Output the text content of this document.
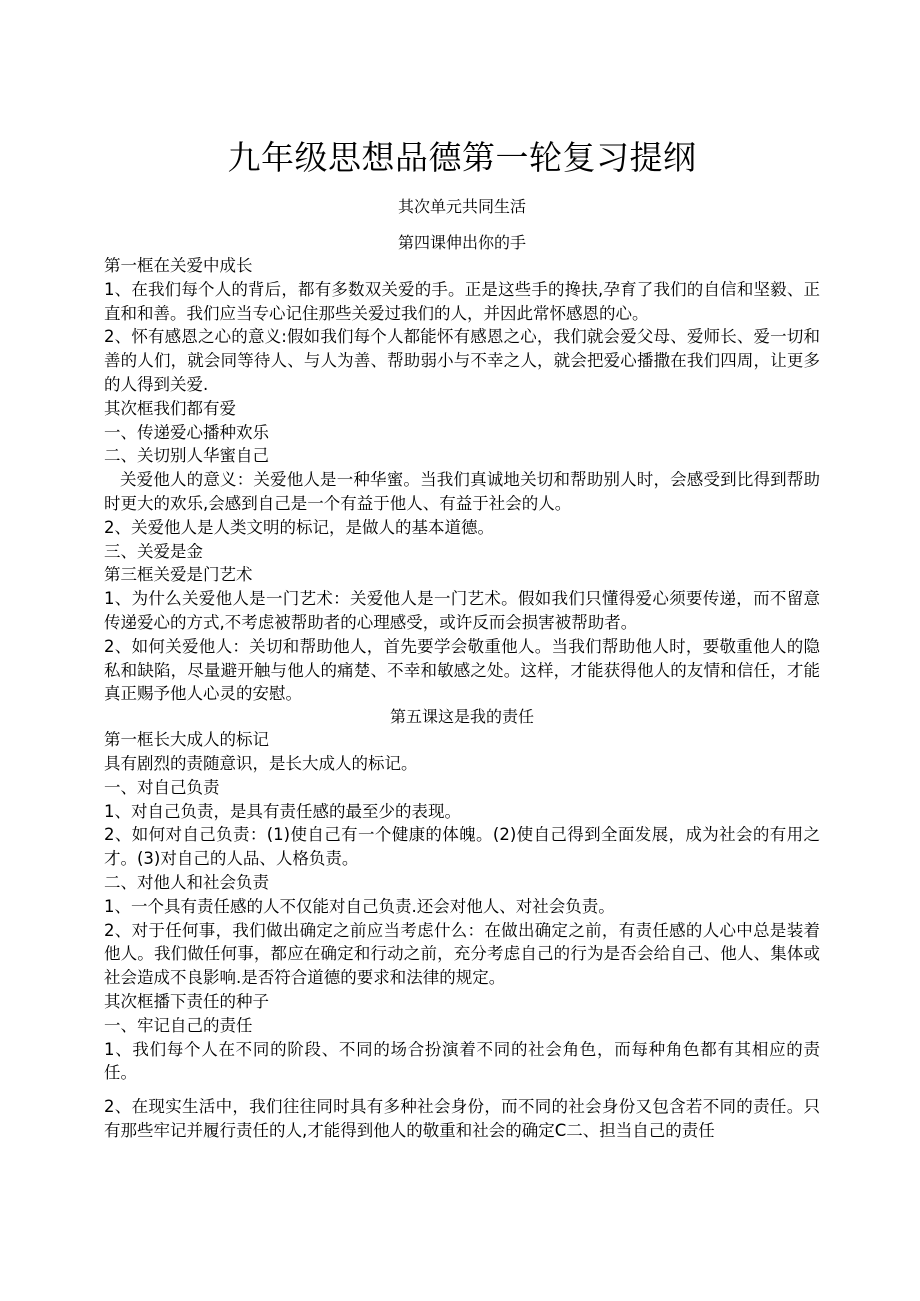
九年级思想品德第一轮复习提纲

其次单元共同生活

第四课伸出你的手

第一框在关爱中成长

1、在我们每个人的背后，都有多数双关爱的手。正是这些手的搀扶,孕育了我们的自信和坚毅、正直和和善。我们应当专心记住那些关爱过我们的人，并因此常怀感恩的心。

2、怀有感恩之心的意义:假如我们每个人都能怀有感恩之心，我们就会爱父母、爱师长、爱一切和善的人们，就会同等待人、与人为善、帮助弱小与不幸之人，就会把爱心播撒在我们四周，让更多的人得到关爱.

其次框我们都有爱

一、传递爱心播种欢乐

二、关切别人华蜜自己

关爱他人的意义：关爱他人是一种华蜜。当我们真诚地关切和帮助别人时，会感受到比得到帮助时更大的欢乐,会感到自己是一个有益于他人、有益于社会的人。

2、关爱他人是人类文明的标记，是做人的基本道德。

三、关爱是金

第三框关爱是门艺术

1、为什么关爱他人是一门艺术：关爱他人是一门艺术。假如我们只懂得爱心须要传递，而不留意传递爱心的方式,不考虑被帮助者的心理感受，或许反而会损害被帮助者。

2、如何关爱他人：关切和帮助他人，首先要学会敬重他人。当我们帮助他人时，要敬重他人的隐私和缺陷，尽量避开触与他人的痛楚、不幸和敏感之处。这样，才能获得他人的友情和信任，才能真正赐予他人心灵的安慰。

第五课这是我的责任

第一框长大成人的标记

具有剧烈的责随意识，是长大成人的标记。

一、对自己负责

1、对自己负责，是具有责任感的最至少的表现。

2、如何对自己负责：(1)使自己有一个健康的体魄。(2)使自己得到全面发展，成为社会的有用之才。(3)对自己的人品、人格负责。

二、对他人和社会负责

1、一个具有责任感的人不仅能对自己负责.还会对他人、对社会负责。

2、对于任何事，我们做出确定之前应当考虑什么：在做出确定之前，有责任感的人心中总是装着他人。我们做任何事，都应在确定和行动之前，充分考虑自己的行为是否会给自己、他人、集体或社会造成不良影响.是否符合道德的要求和法律的规定。

其次框播下责任的种子

一、牢记自己的责任

1、我们每个人在不同的阶段、不同的场合扮演着不同的社会角色，而每种角色都有其相应的责任。

2、在现实生活中，我们往往同时具有多种社会身份，而不同的社会身份又包含若不同的责任。只有那些牢记并履行责任的人,才能得到他人的敬重和社会的确定C二、担当自己的责任
